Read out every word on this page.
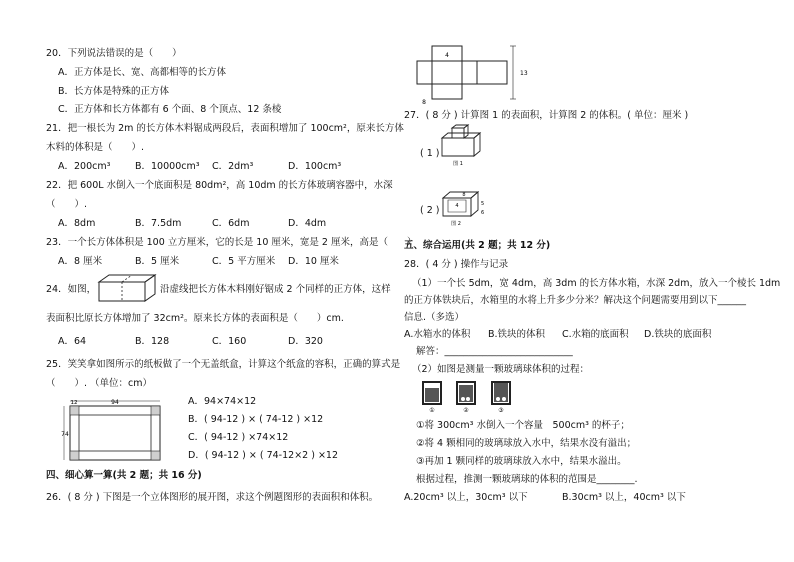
20．下列说法错误的是（　　）
A．正方体是长、宽、高都相等的长方体
B．长方体是特殊的正方体
C．正方体和长方体都有 6 个面、8 个顶点、12 条棱
21．把一根长为 2m 的长方体木料锯成两段后，表面积增加了 100cm²，原来长方体
木料的体积是（　　）.
A．200cm³	B．10000cm³ C．2dm³	D．100cm³
22．把 600L 水倒入一个底面积是 80dm²，高 10dm 的长方体玻璃容器中，水深
（　　）.
A．8dm	B．7.5dm	C．6dm	D．4dm
23．一个长方体体积是 100 立方厘米，它的长是 10 厘米，宽是 2 厘米，高是（　　）
A．8 厘米	B．5 厘米	C．5 平方厘米 D．10 厘米
24．如图，	沿虚线把长方体木料刚好锯成 2 个同样的正方体，这样
表面积比原长方体增加了 32cm²。原来长方体的表面积是（　　）cm.
A．64	B．128	C．160	D．320
25．笑笑拿如图所示的纸板做了一个无盖纸盒，计算这个纸盒的容积，正确的算式是
（　　）. （单位：cm）
94
74
12	A．94×74×12
B．( 94-12 ) × ( 74-12 ) ×12
C．( 94-12 ) ×74×12
D．( 94-12 ) × ( 74-12×2 ) ×12
四、细心算一算(共 2 题；共 16 分)
26．( 8 分 ) 下图是一个立体图形的展开图，求这个例题图形的表面积和体积。
4
13
8
27．( 8 分 ) 计算图 1 的表面积，计算图 2 的体积。( 单位：厘米 )
( 1 )
图 1
( 2 )	4
8
5
6
图 2
五、综合运用(共 2 题；共 12 分)
28．( 4 分 ) 操作与记录
（1）一个长 5dm，宽 4dm，高 3dm 的长方体水箱，水深 2dm，放入一个棱长 1dm
的正方体铁块后，水箱里的水将上升多少分米？解决这个问题需要用到以下______
信息.（多选）
A.水箱水的体积 B.铁块的体积 C.水箱的底面积 D.铁块的底面积
解答：___________________________
（2）如图是测量一颗玻璃球体积的过程：
①	②	③
①将 300cm³ 水倒入一个容量　500cm³ 的杯子；
②将 4 颗相同的玻璃球放入水中，结果水没有溢出；
③再加 1 颗同样的玻璃球放入水中，结果水溢出。
根据过程，推测一颗玻璃球的体积的范围是________.
A.20cm³ 以上，30cm³ 以下	B.30cm³ 以上，40cm³ 以下
